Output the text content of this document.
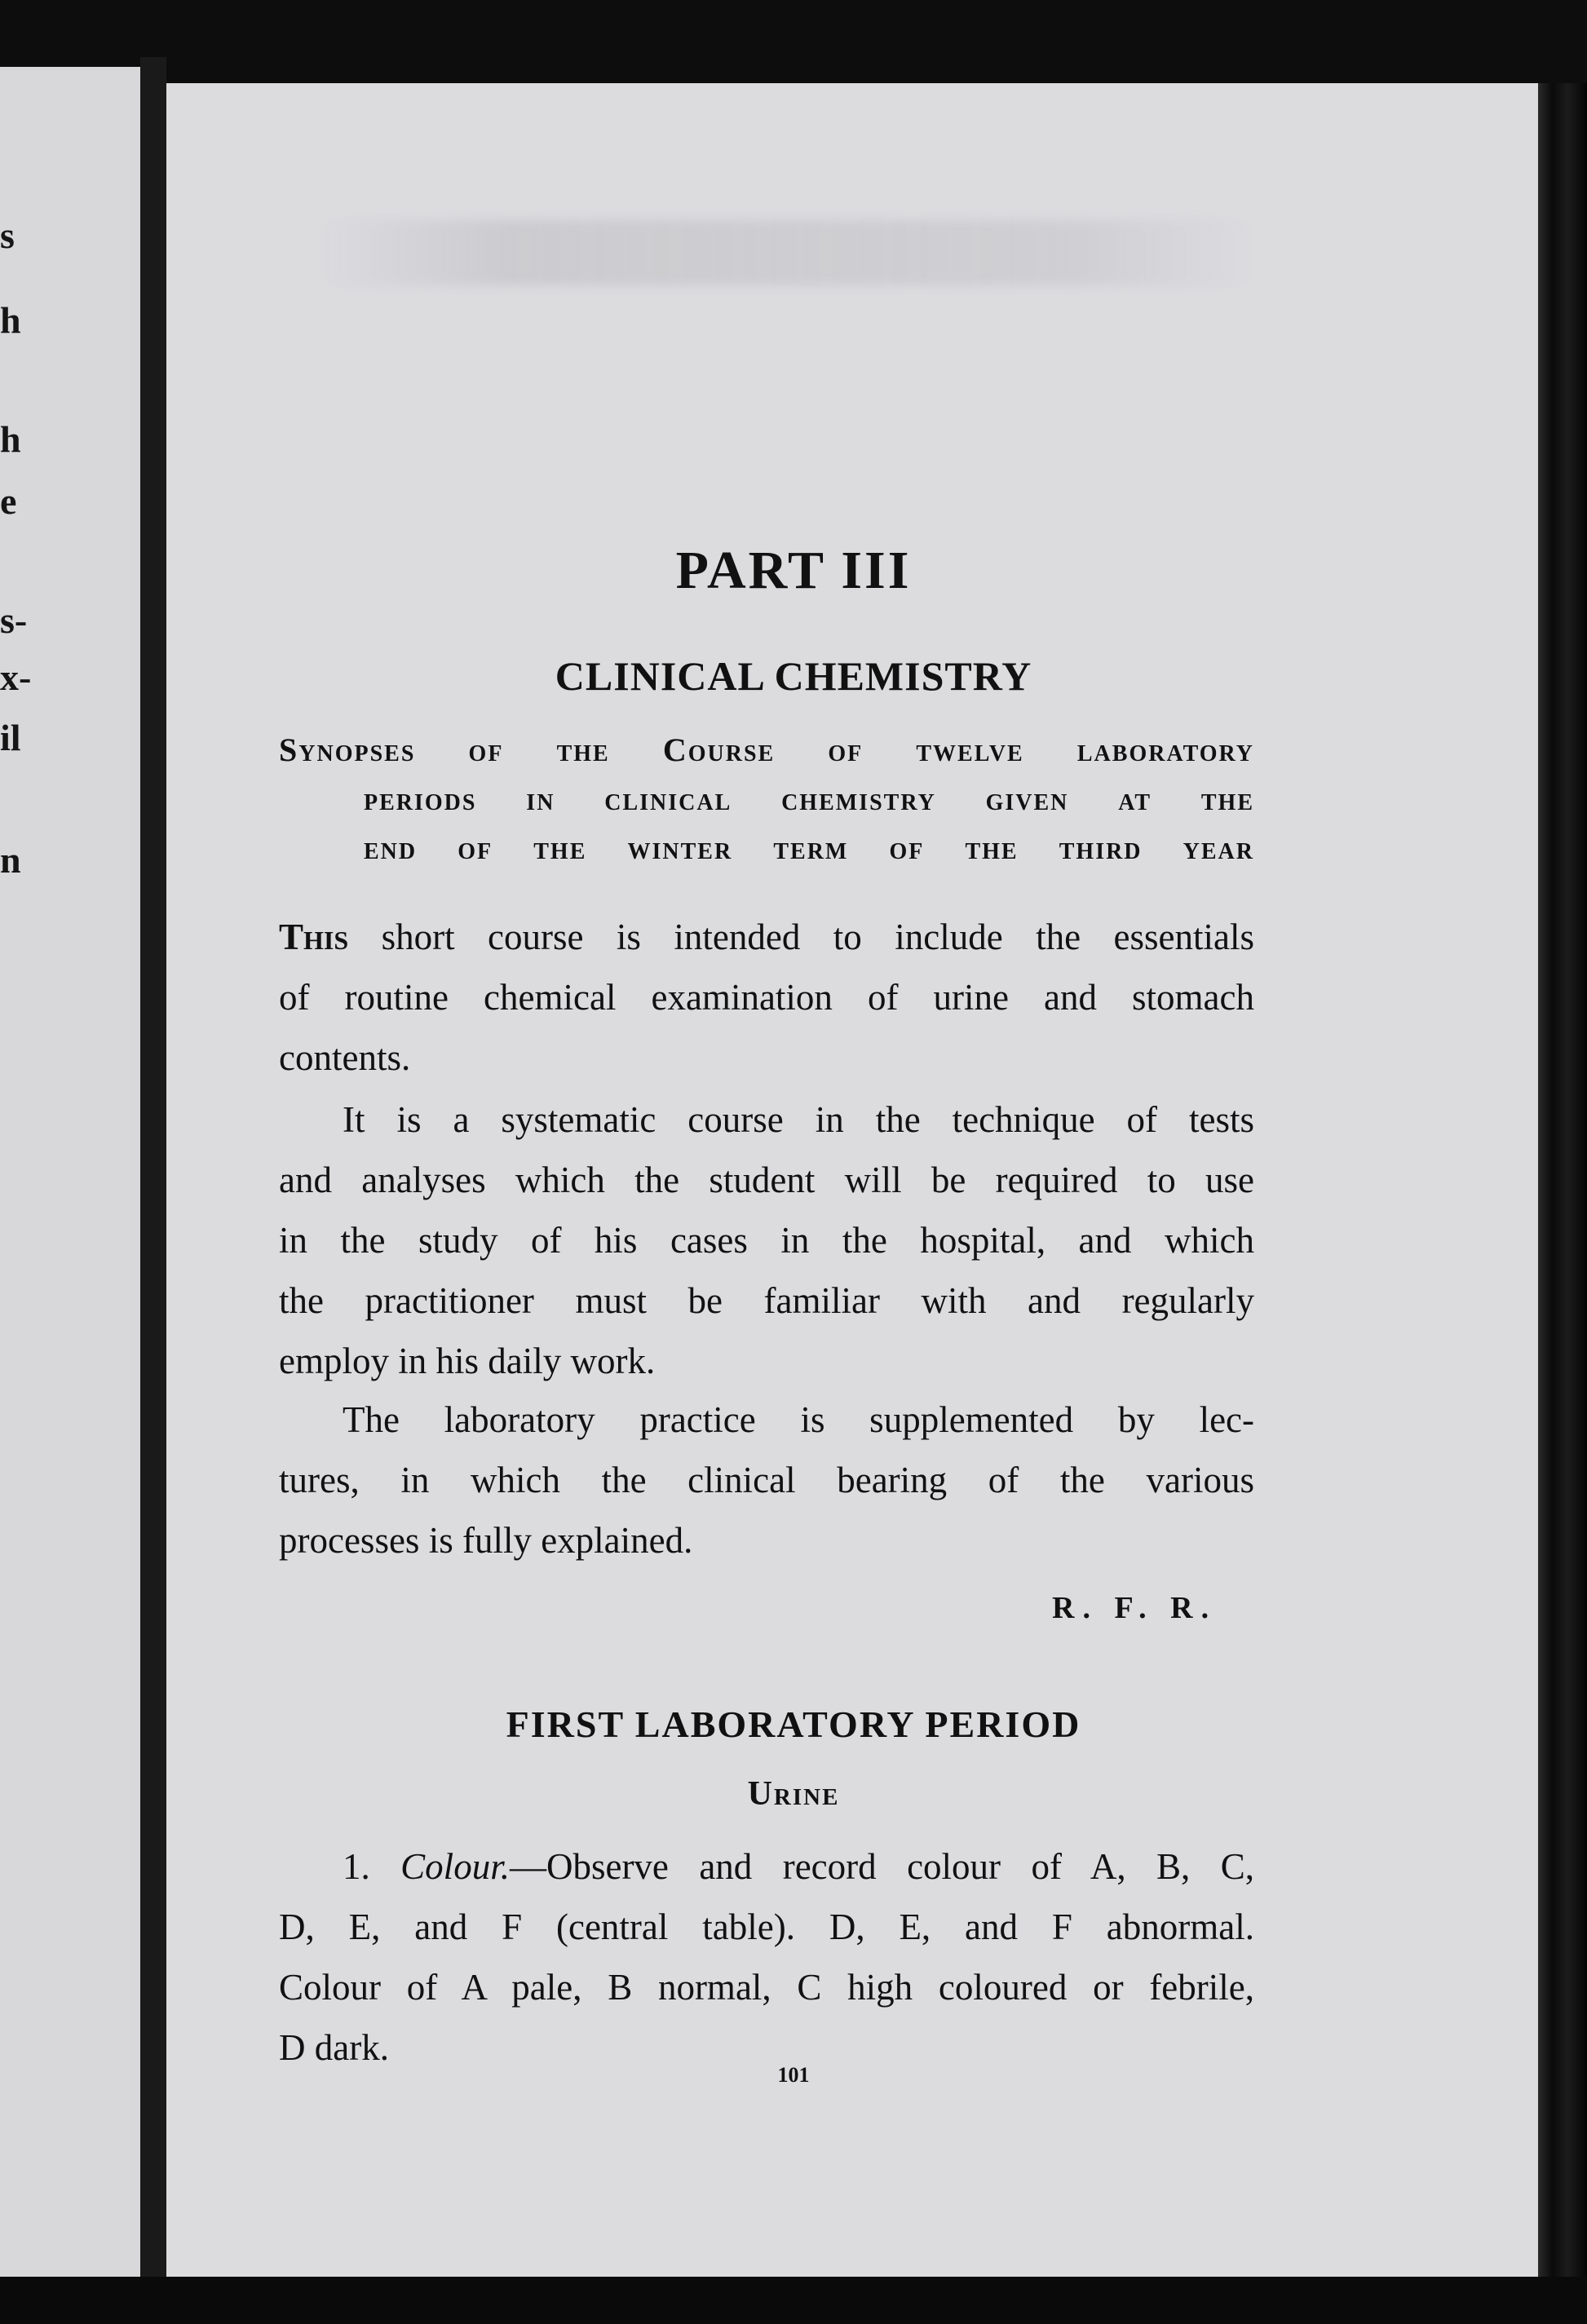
s
h
h
e
s-
x-
il
n
PART III
CLINICAL CHEMISTRY
Synopses of the Course of twelve laboratory
periods in clinical chemistry given at the
end of the winter term of the third year
This short course is intended to include the essentials
of routine chemical examination of urine and stomach
contents.
It is a systematic course in the technique of tests
and analyses which the student will be required to use
in the study of his cases in the hospital, and which
the practitioner must be familiar with and regularly
employ in his daily work.
The laboratory practice is supplemented by lec-
tures, in which the clinical bearing of the various
processes is fully explained.
R. F. R.
FIRST LABORATORY PERIOD
Urine
1. Colour.—Observe and record colour of A, B, C,
D, E, and F (central table). D, E, and F abnormal.
Colour of A pale, B normal, C high coloured or febrile,
D dark.
101
